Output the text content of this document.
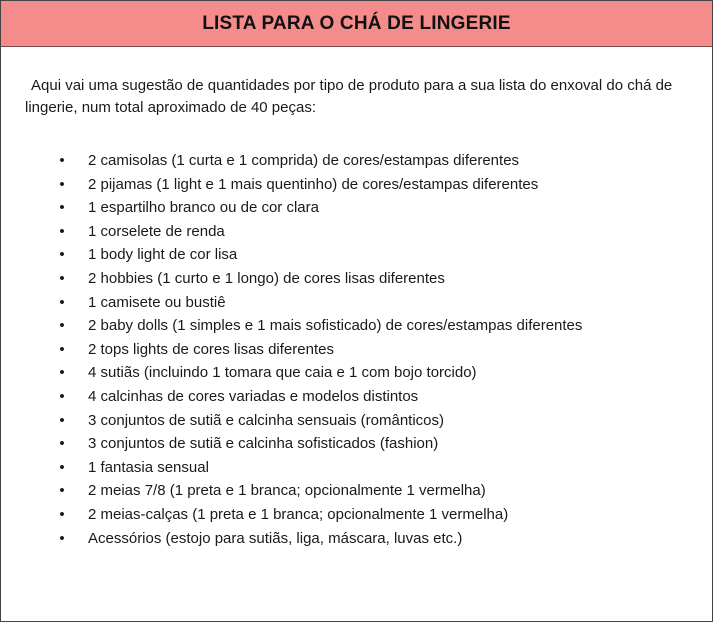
LISTA PARA O CHÁ DE LINGERIE

Aqui vai uma sugestão de quantidades por tipo de produto para a sua lista do enxoval do chá de lingerie, num total aproximado de 40 peças:

• 2 camisolas (1 curta e 1 comprida) de cores/estampas diferentes
• 2 pijamas (1 light e 1 mais quentinho) de cores/estampas diferentes
• 1 espartilho branco ou de cor clara
• 1 corselete de renda
• 1 body light de cor lisa
• 2 hobbies (1 curto e 1 longo) de cores lisas diferentes
• 1 camisete ou bustiê
• 2 baby dolls (1 simples e 1 mais sofisticado) de cores/estampas diferentes
• 2 tops lights de cores lisas diferentes
• 4 sutiãs (incluindo 1 tomara que caia e 1 com bojo torcido)
• 4 calcinhas de cores variadas e modelos distintos
• 3 conjuntos de sutiã e calcinha sensuais (românticos)
• 3 conjuntos de sutiã e calcinha sofisticados (fashion)
• 1 fantasia sensual
• 2 meias 7/8 (1 preta e 1 branca; opcionalmente 1 vermelha)
• 2 meias-calças (1 preta e 1 branca; opcionalmente 1 vermelha)
• Acessórios (estojo para sutiãs, liga, máscara, luvas etc.)
